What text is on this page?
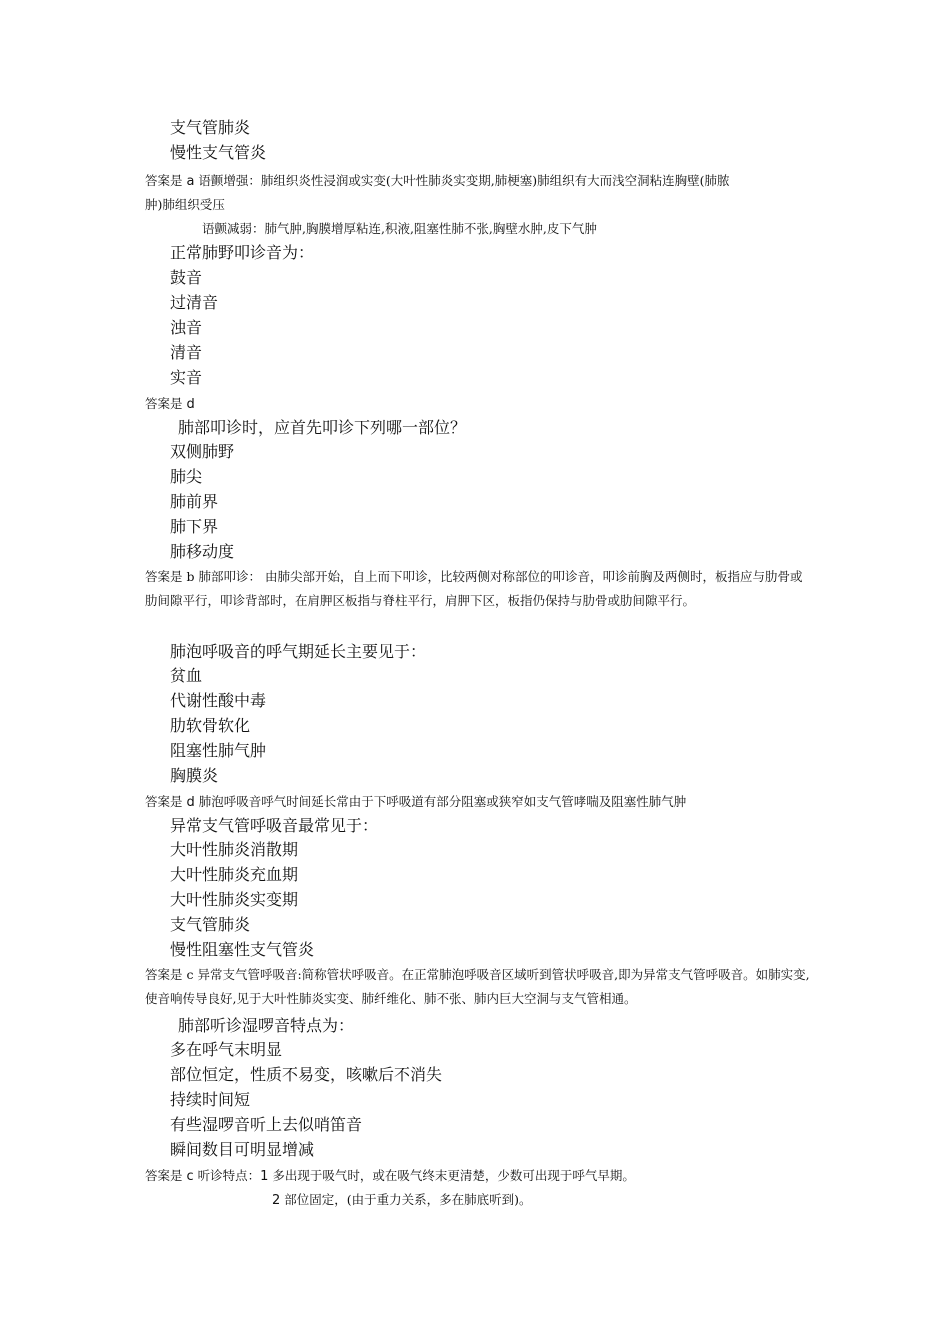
支气管肺炎
慢性支气管炎
答案是 a 语颤增强：肺组织炎性浸润或实变(大叶性肺炎实变期,肺梗塞)肺组织有大而浅空洞粘连胸壁(肺脓
肿)肺组织受压
语颤减弱：肺气肿,胸膜增厚粘连,积液,阻塞性肺不张,胸壁水肿,皮下气肿
正常肺野叩诊音为：
鼓音
过清音
浊音
清音
实音
答案是 d
肺部叩诊时，应首先叩诊下列哪一部位？
双侧肺野
肺尖
肺前界
肺下界
肺移动度
答案是 b 肺部叩诊： 由肺尖部开始，自上而下叩诊，比较两侧对称部位的叩诊音，叩诊前胸及两侧时，板指应与肋骨或肋间隙平行，叩诊背部时，在肩胛区板指与脊柱平行，肩胛下区，板指仍保持与肋骨或肋间隙平行。
肺泡呼吸音的呼气期延长主要见于：
贫血
代谢性酸中毒
肋软骨软化
阻塞性肺气肿
胸膜炎
答案是 d 肺泡呼吸音呼气时间延长常由于下呼吸道有部分阻塞或狭窄如支气管哮喘及阻塞性肺气肿
异常支气管呼吸音最常见于：
大叶性肺炎消散期
大叶性肺炎充血期
大叶性肺炎实变期
支气管肺炎
慢性阻塞性支气管炎
答案是 c 异常支气管呼吸音:简称管状呼吸音。在正常肺泡呼吸音区域听到管状呼吸音,即为异常支气管呼吸音。如肺实变,使音响传导良好,见于大叶性肺炎实变、肺纤维化、肺不张、肺内巨大空洞与支气管相通。
肺部听诊湿啰音特点为：
多在呼气末明显
部位恒定，性质不易变，咳嗽后不消失
持续时间短
有些湿啰音听上去似哨笛音
瞬间数目可明显增减
答案是 c 听诊特点：1 多出现于吸气时，或在吸气终末更清楚，少数可出现于呼气早期。
2 部位固定，(由于重力关系，多在肺底听到)。
